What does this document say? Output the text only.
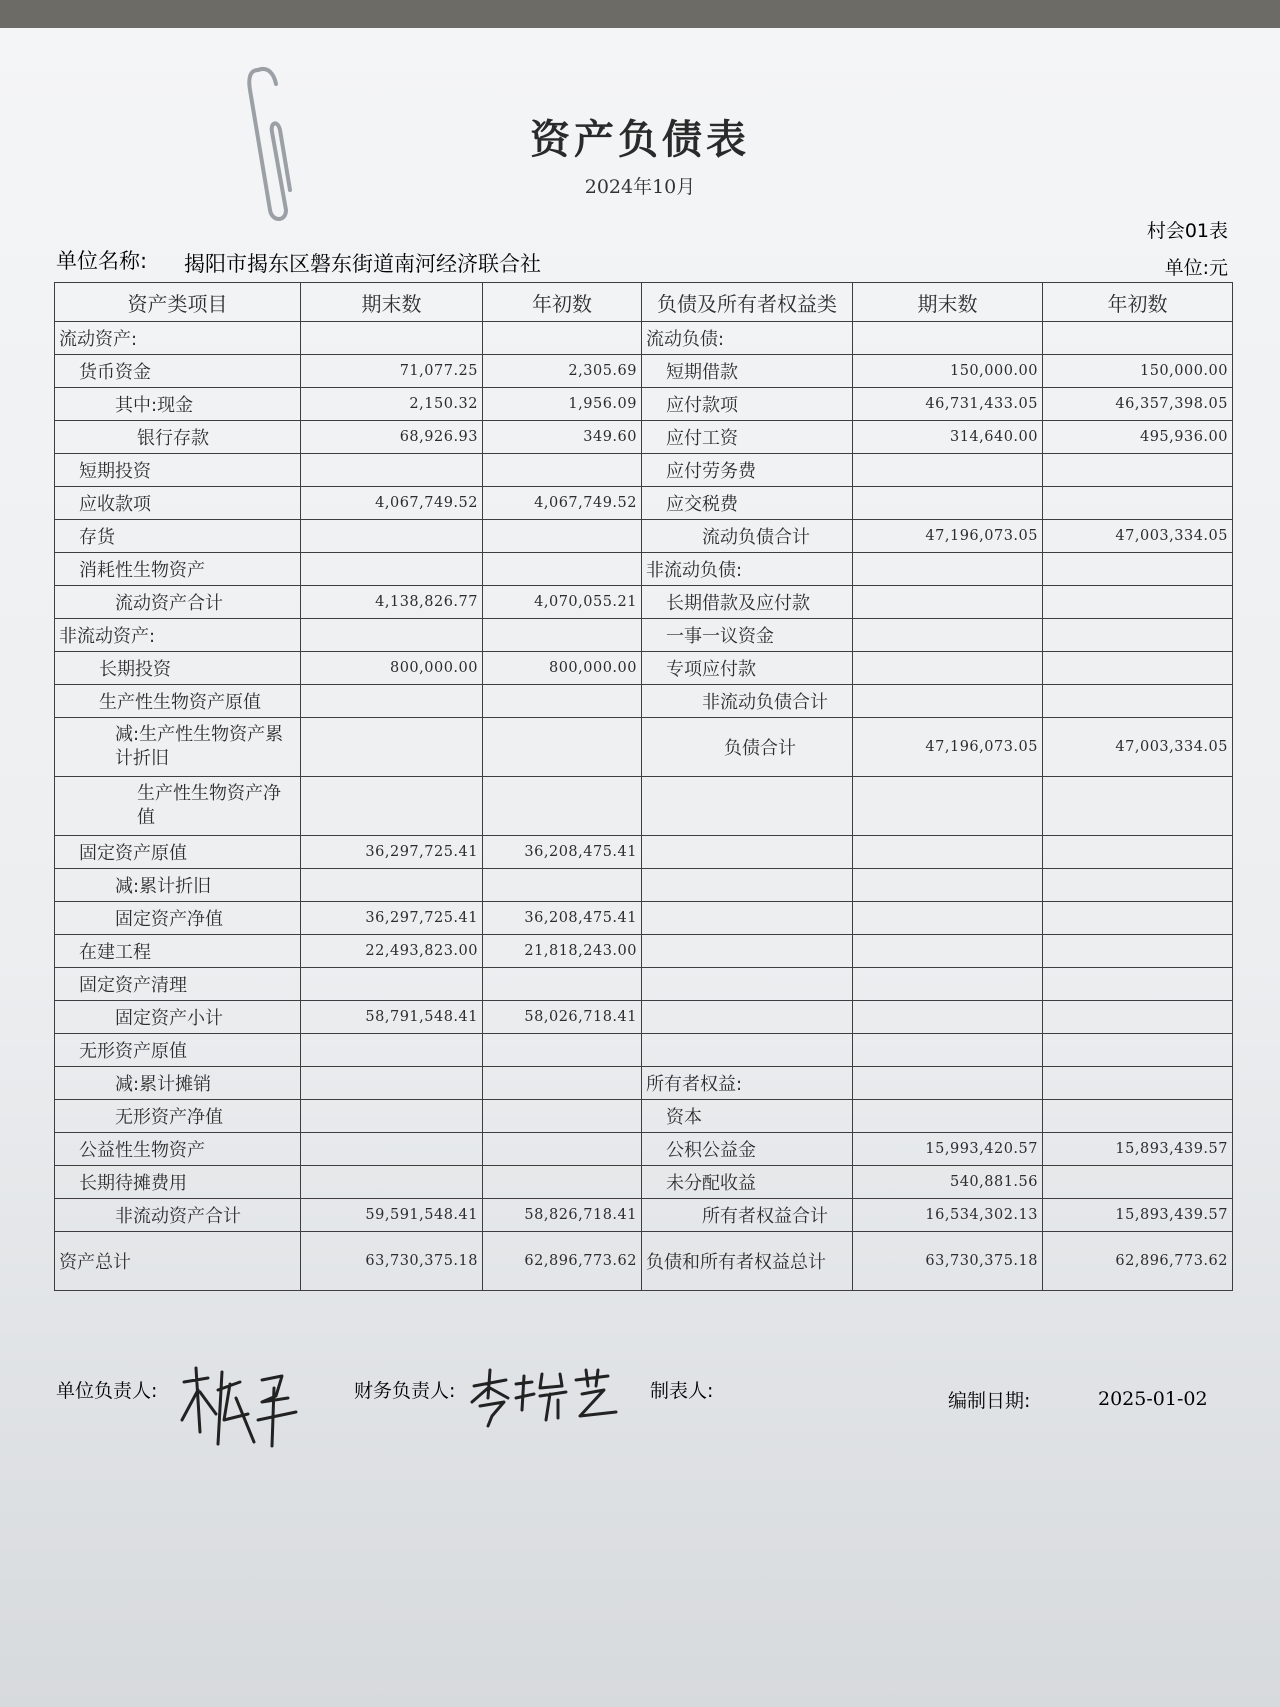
资产负债表
2024年10月
村会01表
单位名称: 揭阳市揭东区磐东街道南河经济联合社	单位:元
资产类项目	期末数	年初数	负债及所有者权益类	期末数	年初数
流动资产:			流动负债:		
货币资金	71,077.25	2,305.69	短期借款	150,000.00	150,000.00
其中:现金	2,150.32	1,956.09	应付款项	46,731,433.05	46,357,398.05
银行存款	68,926.93	349.60	应付工资	314,640.00	495,936.00
短期投资			应付劳务费		
应收款项	4,067,749.52	4,067,749.52	应交税费		
存货			流动负债合计	47,196,073.05	47,003,334.05
消耗性生物资产			非流动负债:		
流动资产合计	4,138,826.77	4,070,055.21	长期借款及应付款		
非流动资产:			一事一议资金		
长期投资	800,000.00	800,000.00	专项应付款		
生产性生物资产原值			非流动负债合计		
减:生产性生物资产累计折旧			负债合计	47,196,073.05	47,003,334.05
生产性生物资产净值					
固定资产原值	36,297,725.41	36,208,475.41			
减:累计折旧					
固定资产净值	36,297,725.41	36,208,475.41			
在建工程	22,493,823.00	21,818,243.00			
固定资产清理					
固定资产小计	58,791,548.41	58,026,718.41			
无形资产原值					
减:累计摊销			所有者权益:		
无形资产净值			资本		
公益性生物资产			公积公益金	15,993,420.57	15,893,439.57
长期待摊费用			未分配收益	540,881.56	
非流动资产合计	59,591,548.41	58,826,718.41	所有者权益合计	16,534,302.13	15,893,439.57
资产总计	63,730,375.18	62,896,773.62	负债和所有者权益总计	63,730,375.18	62,896,773.62
单位负责人:	财务负责人:	制表人:	编制日期:	2025-01-02
